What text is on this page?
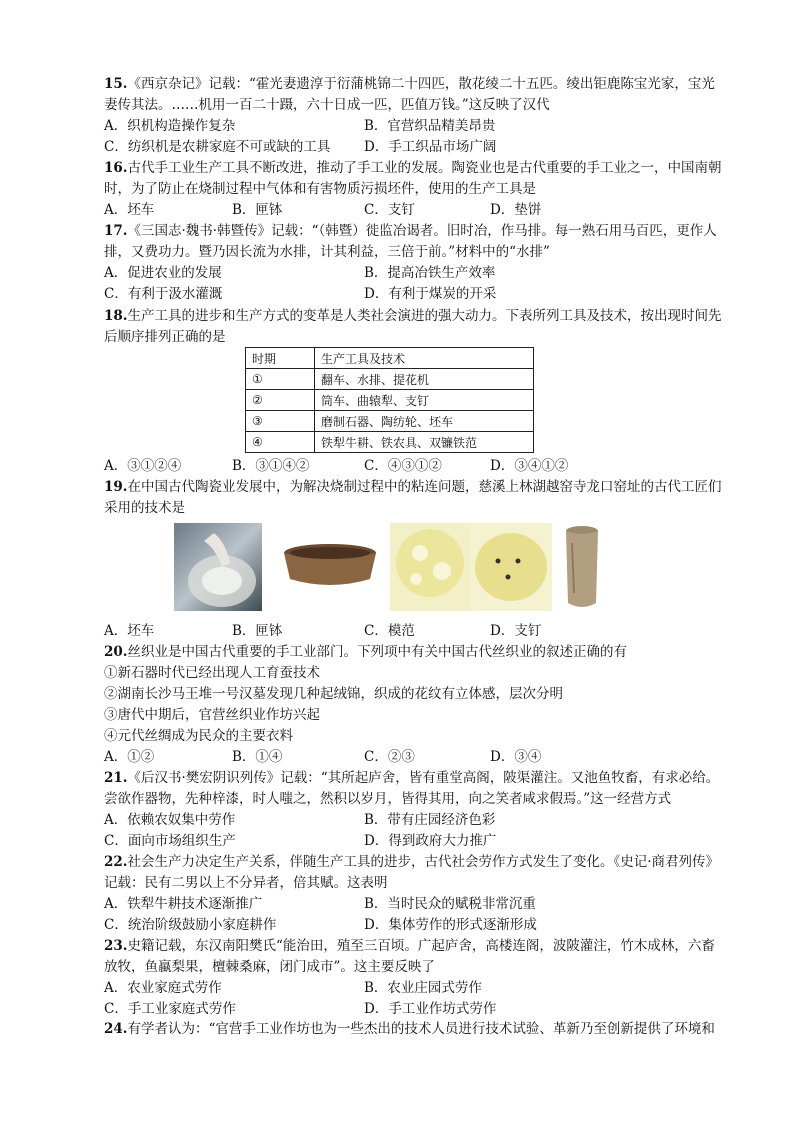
15.《西京杂记》记载：“霍光妻遗淳于衍蒲桃锦二十四匹，散花绫二十五匹。绫出钜鹿陈宝光家，宝光妻传其法。……机用一百二十蹑，六十日成一匹，匹值万钱。”这反映了汉代
A．织机构造操作复杂	B．官营织品精美昂贵
C．纺织机是农耕家庭不可或缺的工具 D．手工织品市场广阔
16.古代手工业生产工具不断改进，推动了手工业的发展。陶瓷业也是古代重要的手工业之一，中国南朝时，为了防止在烧制过程中气体和有害物质污损坯件，使用的生产工具是
A．坯车	B．匣钵	C．支钉	D．垫饼
17.《三国志·魏书·韩暨传》记载：“（韩暨）徙监冶谒者。旧时冶，作马排。每一熟石用马百匹，更作人排，又费功力。暨乃因长流为水排，计其利益，三倍于前。”材料中的“水排”
A．促进农业的发展	B．提高冶铁生产效率
C．有利于汲水灌溉	D．有利于煤炭的开采
18.生产工具的进步和生产方式的变革是人类社会演进的强大动力。下表所列工具及技术，按出现时间先后顺序排列正确的是
时期	生产工具及技术
①	翻车、水排、提花机
②	筒车、曲辕犁、支钉
③	磨制石器、陶纺轮、坯车
④	铁犁牛耕、铁农具、双镰铁范
A．③①②④	B．③①④②	C．④③①②	D．③④①②
19.在中国古代陶瓷业发展中，为解决烧制过程中的粘连问题，慈溪上林湖越窑寺龙口窑址的古代工匠们采用的技术是
A．坯车	B．匣钵	C．模范	D．支钉
20.丝织业是中国古代重要的手工业部门。下列项中有关中国古代丝织业的叙述正确的有
①新石器时代已经出现人工育蚕技术
②湖南长沙马王堆一号汉墓发现几种起绒锦，织成的花纹有立体感，层次分明
③唐代中期后，官营丝织业作坊兴起
④元代丝绸成为民众的主要衣料
A．①②	B．①④	C．②③	D．③④
21.《后汉书·樊宏阴识列传》记载：“其所起庐舍，皆有重堂高阁，陂渠灌注。又池鱼牧畜，有求必给。尝欲作器物，先种梓漆，时人嗤之，然积以岁月，皆得其用，向之笑者咸求假焉。”这一经营方式
A．依赖农奴集中劳作	B．带有庄园经济色彩
C．面向市场组织生产	D．得到政府大力推广
22.社会生产力决定生产关系，伴随生产工具的进步，古代社会劳作方式发生了变化。《史记·商君列传》记载：民有二男以上不分异者，倍其赋。这表明
A．铁犁牛耕技术逐渐推广	B．当时民众的赋税非常沉重
C．统治阶级鼓励小家庭耕作	D．集体劳作的形式逐渐形成
23.史籍记载，东汉南阳樊氏“能治田，殖至三百顷。广起庐舍，高楼连阁，波陂灌注，竹木成林，六畜放牧，鱼蠃梨果，檀棘桑麻，闭门成市”。这主要反映了
A．农业家庭式劳作	B．农业庄园式劳作
C．手工业家庭式劳作	D．手工业作坊式劳作
24.有学者认为：“官营手工业作坊也为一些杰出的技术人员进行技术试验、革新乃至创新提供了环境和
